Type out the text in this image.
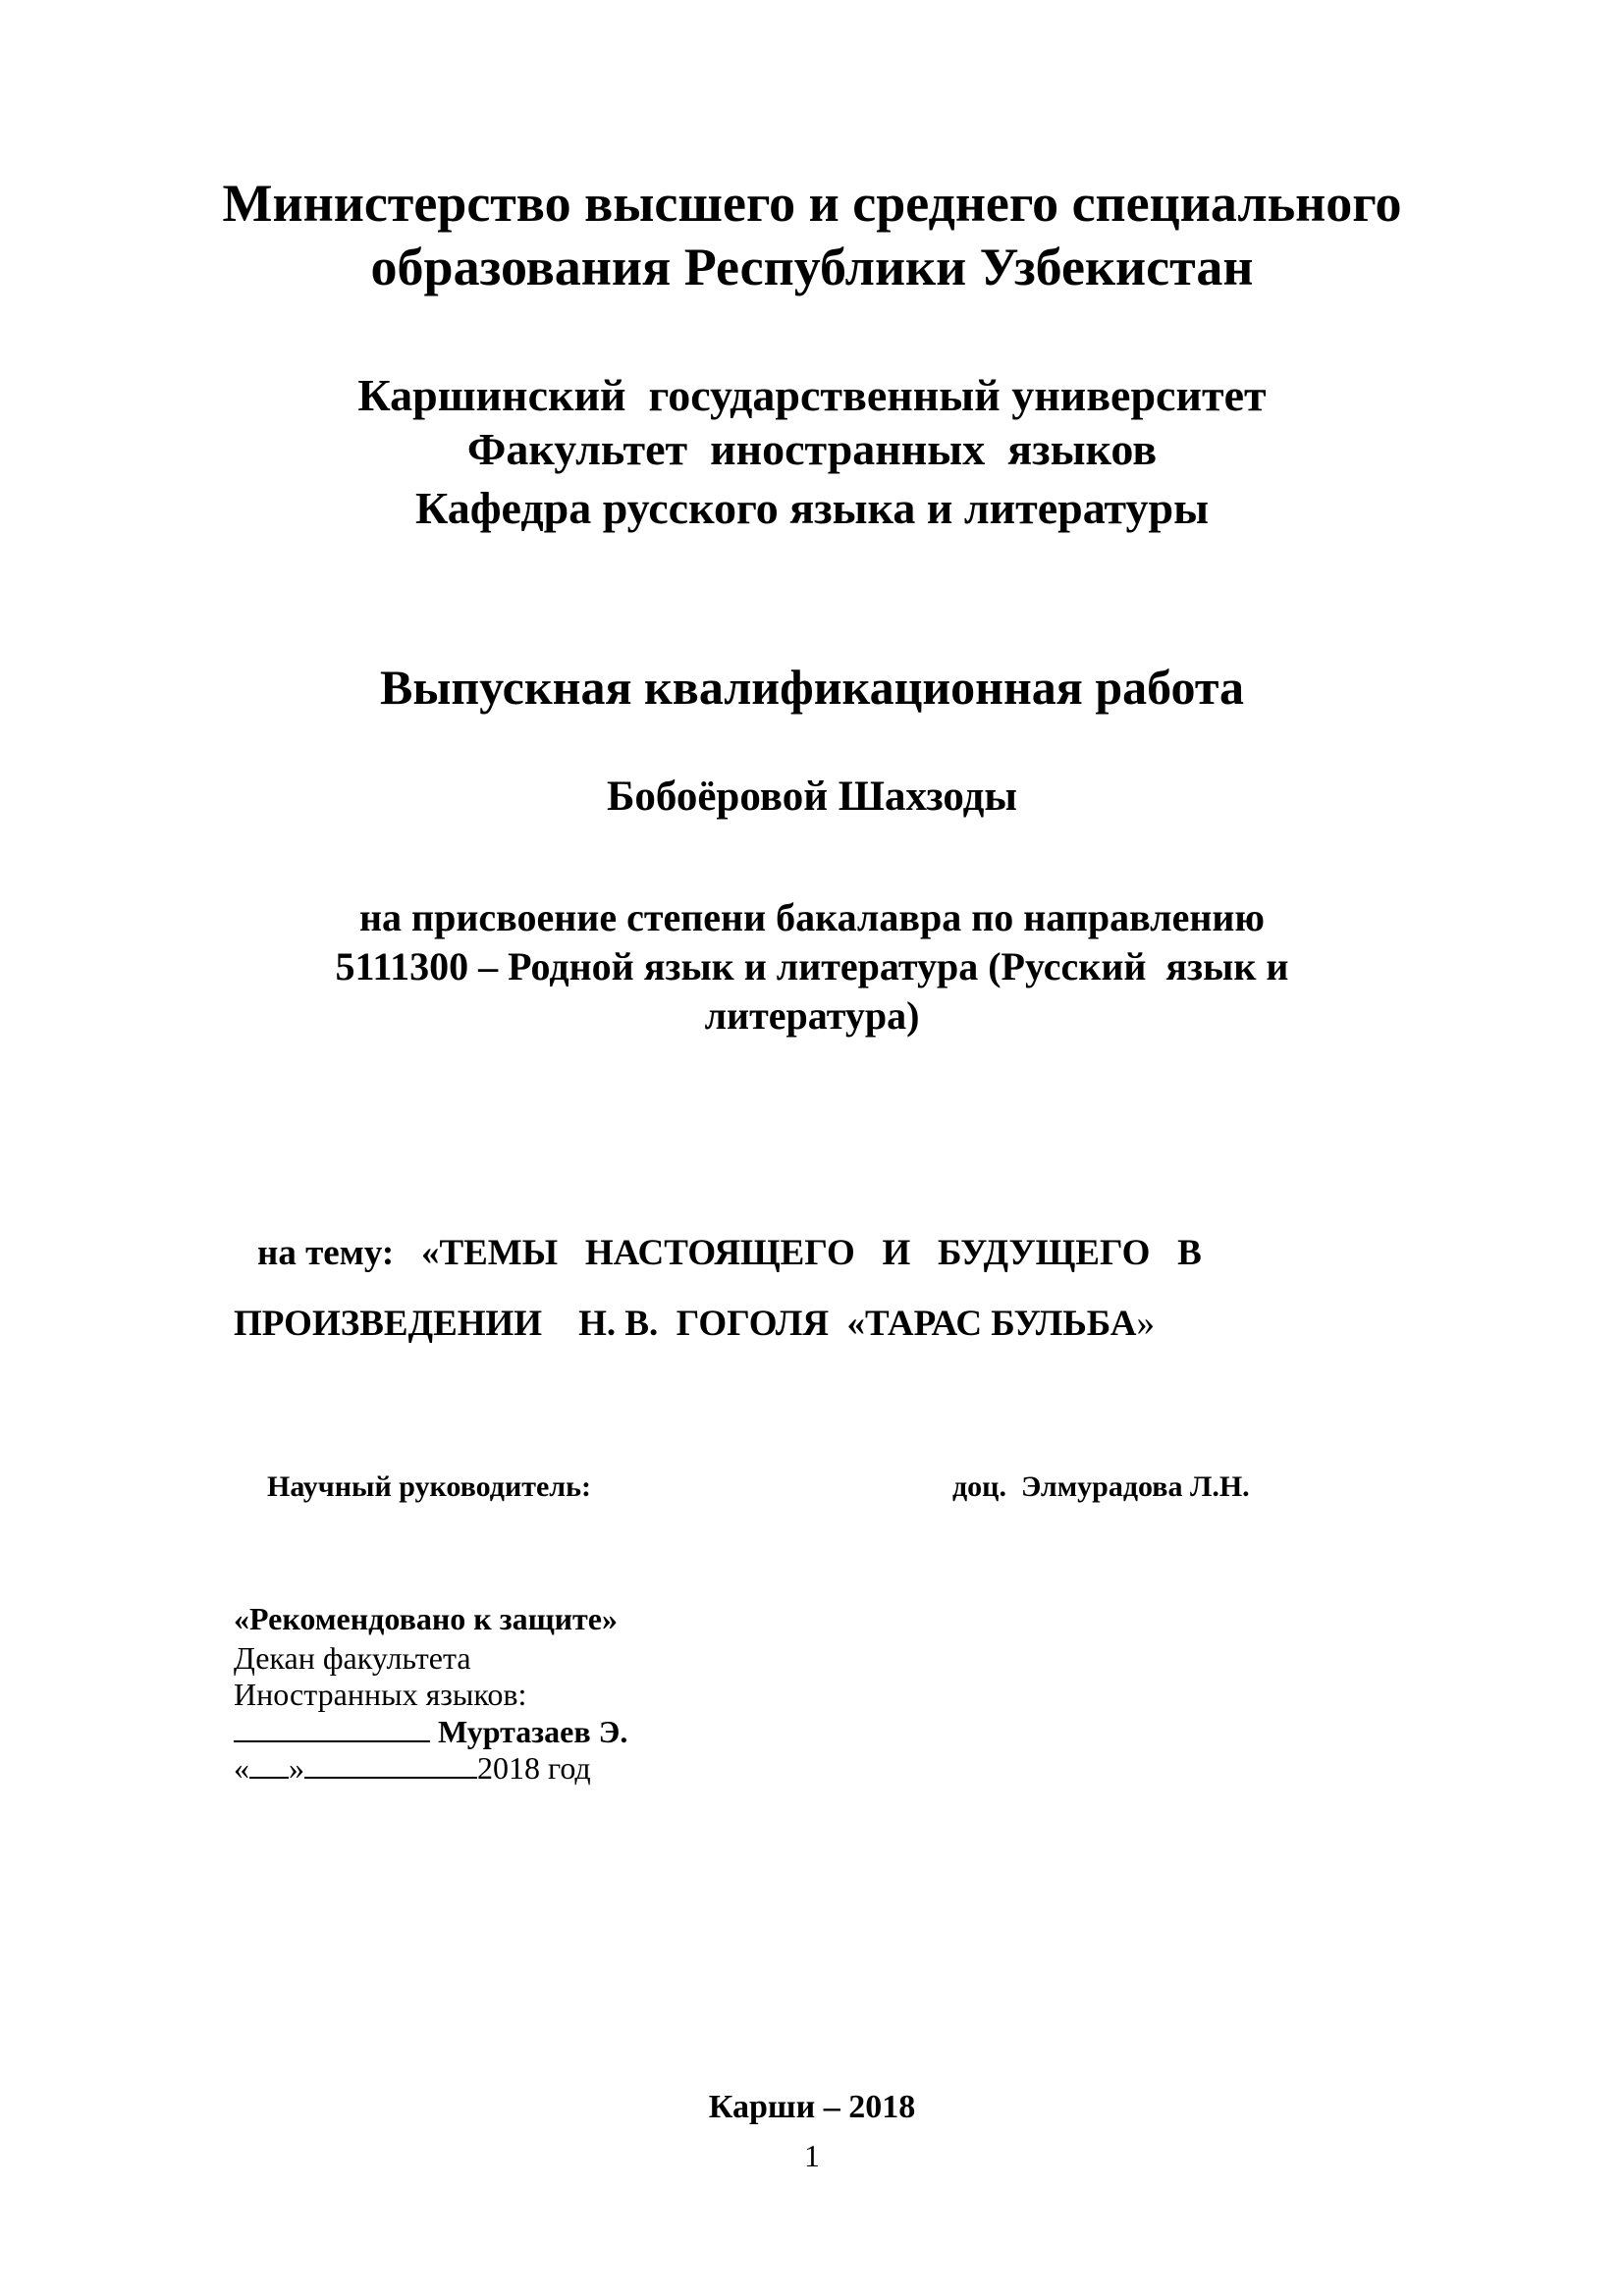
Министерство высшего и среднего специального
образования Республики Узбекистан
Каршинский  государственный университет
Факультет  иностранных  языков
Кафедра русского языка и литературы
Выпускная квалификационная работа
Бобоёровой Шахзоды
на присвоение степени бакалавра по направлению
5111300 – Родной язык и литература (Русский  язык и
литература)
на тему:   «ТЕМЫ   НАСТОЯЩЕГО   И   БУДУЩЕГО   В
ПРОИЗВЕДЕНИИ    Н. В.  ГОГОЛЯ  «ТАРАС БУЛЬБА»
Научный руководитель:	доц.  Элмурадова Л.Н.
«Рекомендовано к защите»
Декан факультета
Иностранных языков:
Муртазаев Э.
« »	2018 год
Карши – 2018
1
